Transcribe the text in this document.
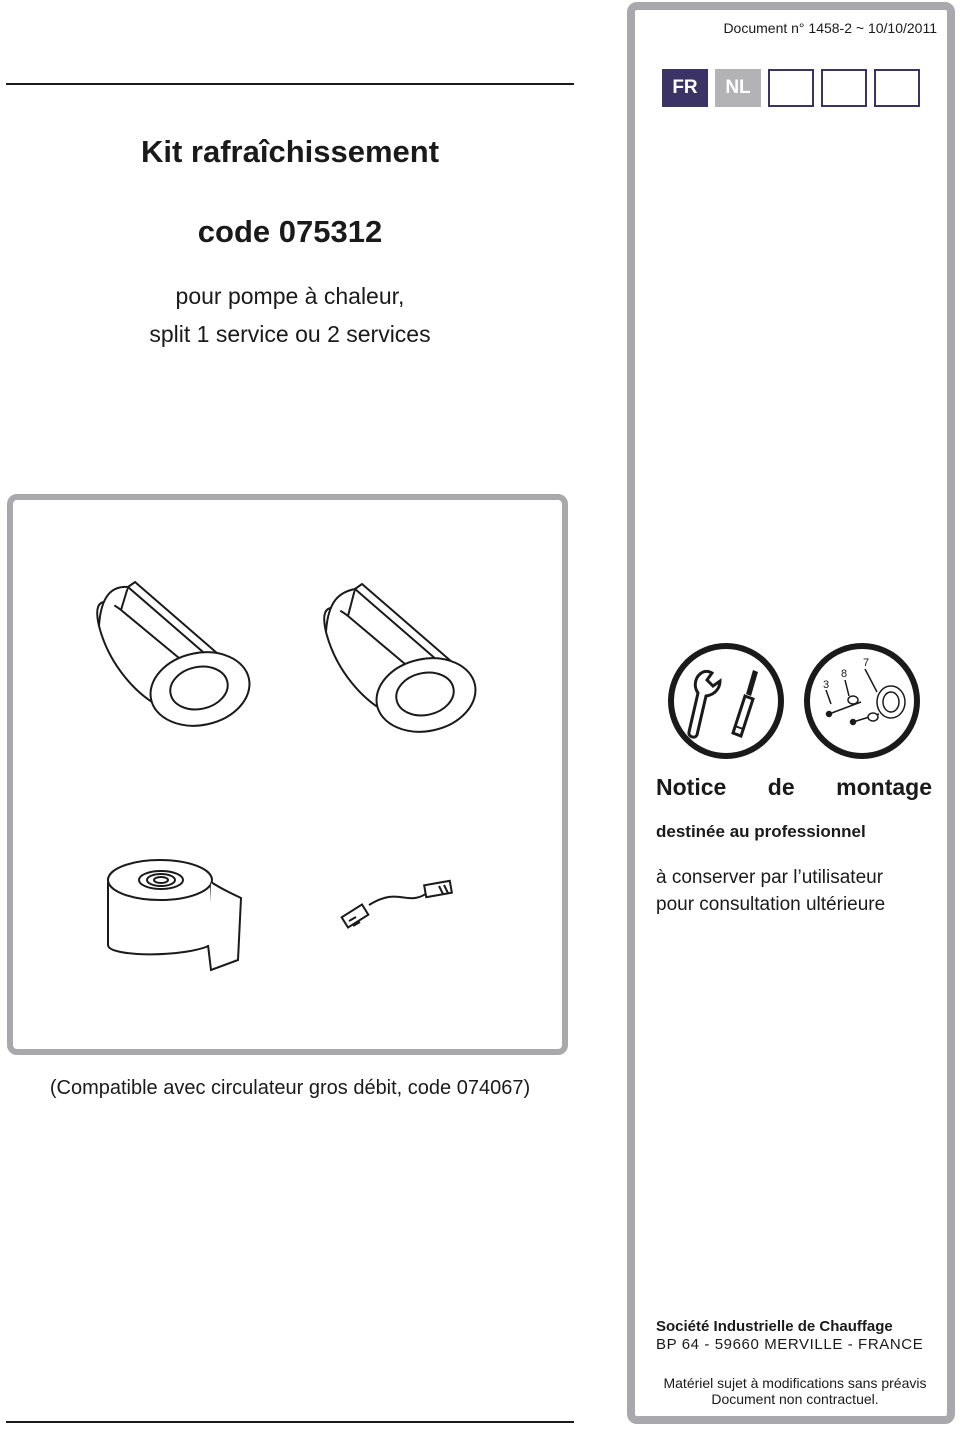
Kit rafraîchissement
code 075312
pour pompe à chaleur,
split 1 service ou 2 services
(Compatible avec circulateur gros débit, code 074067)
Document n° 1458-2 ~ 10/10/2011
FR	NL
3
8
7
Notice de montage
destinée au professionnel
à conserver par l’utilisateur
pour consultation ultérieure
Société Industrielle de Chauffage
BP 64 - 59660 MERVILLE - FRANCE
Matériel sujet à modifications sans préavis
Document non contractuel.
